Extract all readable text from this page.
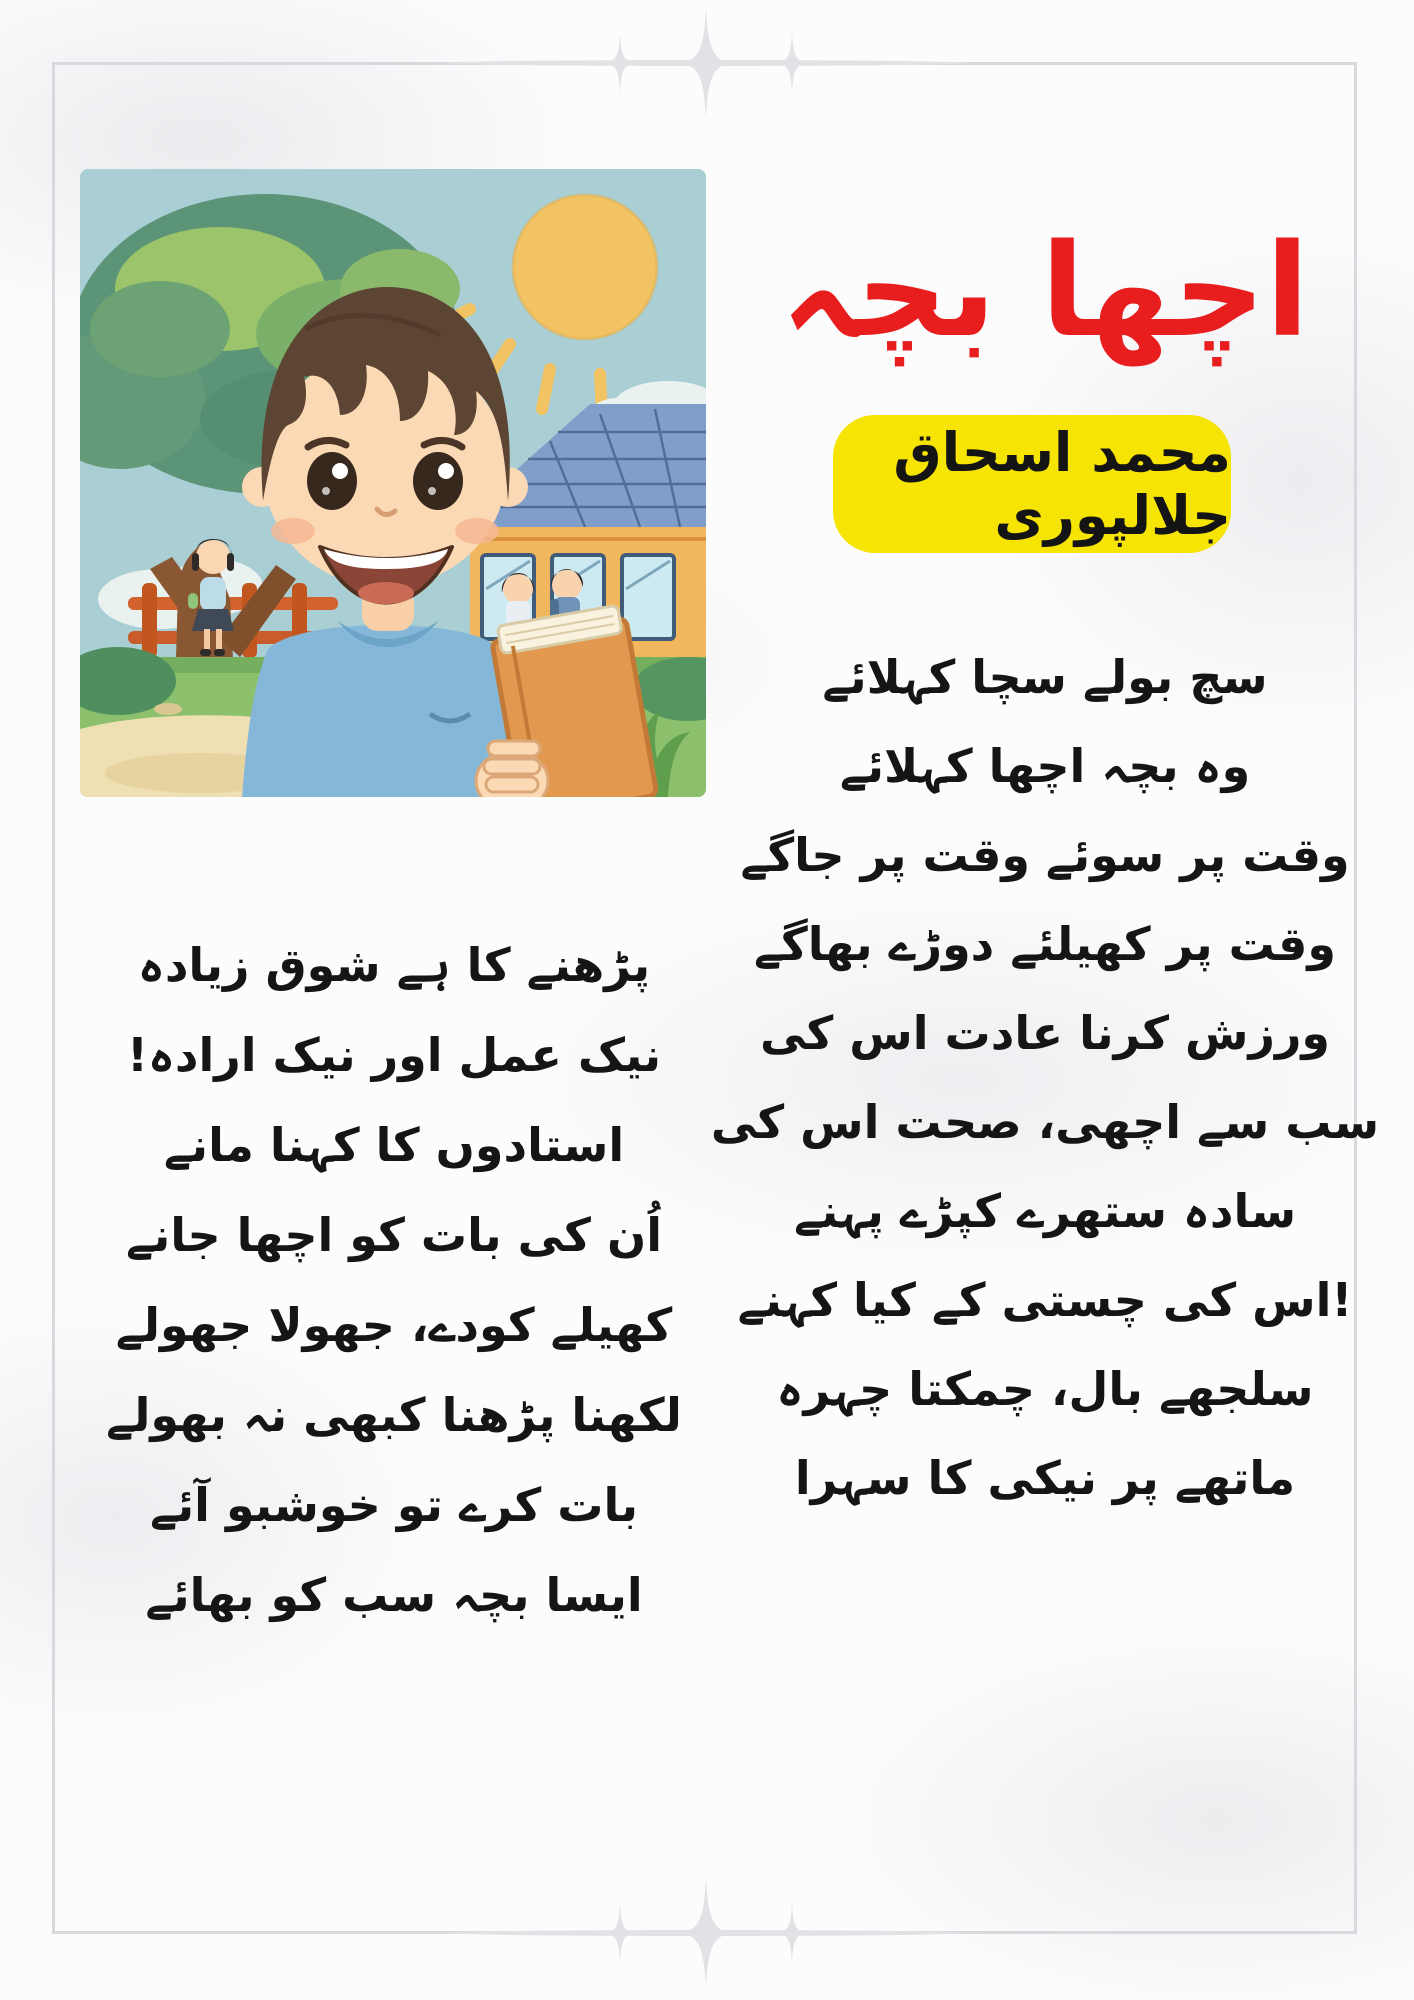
اچھا بچہ
محمد اسحاق جلالپوری
سچ بولے سچا کہلائے
وہ بچہ اچھا کہلائے
وقت پر سوئے وقت پر جاگے
وقت پر کھیلئے دوڑے بھاگے
ورزش کرنا عادت اس کی
سب سے اچھی، صحت اس کی
سادہ ستھرے کپڑے پہنے
!اس کی چستی کے کیا کہنے
سلجھے بال، چمکتا چہرہ
ماتھے پر نیکی کا سہرا
پڑھنے کا ہے شوق زیادہ
نیک عمل اور نیک ارادہ!
استادوں کا کہنا مانے
اُن کی بات کو اچھا جانے
کھیلے کودے، جھولا جھولے
لکھنا پڑھنا کبھی نہ بھولے
بات کرے تو خوشبو آئے
ایسا بچہ سب کو بھائے
